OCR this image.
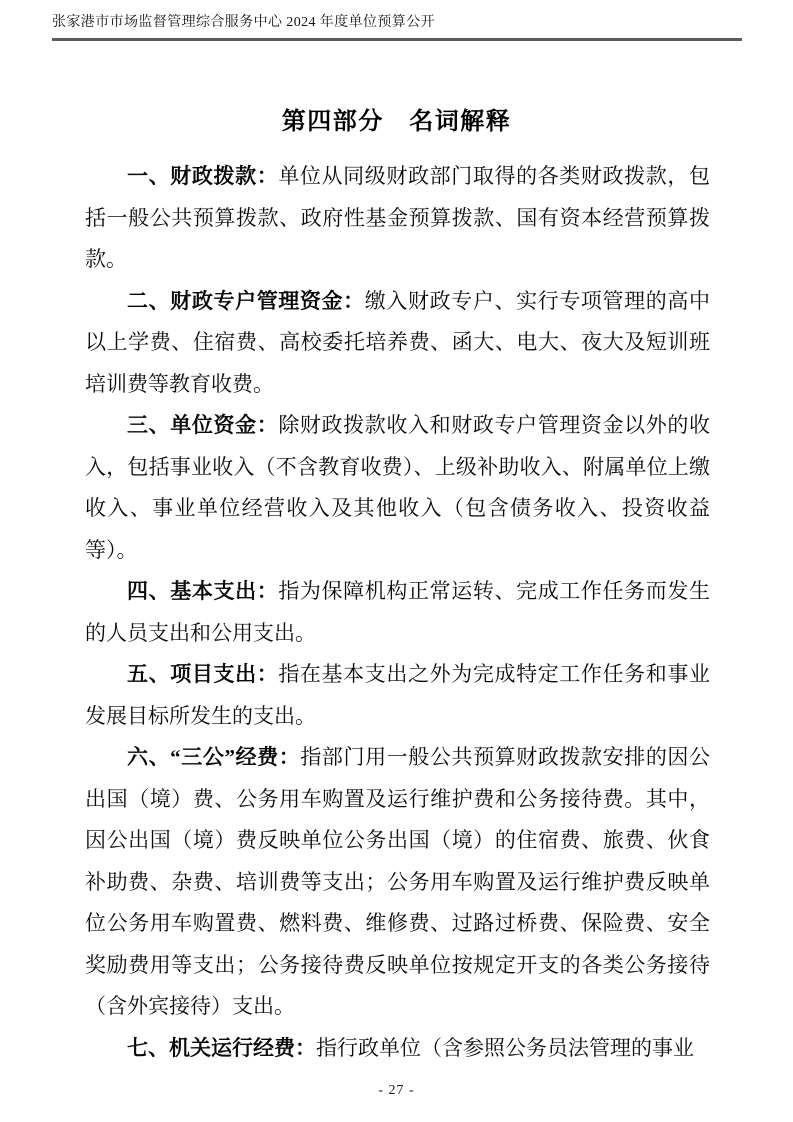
张家港市市场监督管理综合服务中心 2024 年度单位预算公开
第四部分　名词解释

一、财政拨款：单位从同级财政部门取得的各类财政拨款，包括一般公共预算拨款、政府性基金预算拨款、国有资本经营预算拨款。

二、财政专户管理资金：缴入财政专户、实行专项管理的高中以上学费、住宿费、高校委托培养费、函大、电大、夜大及短训班培训费等教育收费。

三、单位资金：除财政拨款收入和财政专户管理资金以外的收入，包括事业收入（不含教育收费）、上级补助收入、附属单位上缴收入、事业单位经营收入及其他收入（包含债务收入、投资收益等）。

四、基本支出：指为保障机构正常运转、完成工作任务而发生的人员支出和公用支出。

五、项目支出：指在基本支出之外为完成特定工作任务和事业发展目标所发生的支出。

六、“三公”经费：指部门用一般公共预算财政拨款安排的因公出国（境）费、公务用车购置及运行维护费和公务接待费。其中，因公出国（境）费反映单位公务出国（境）的住宿费、旅费、伙食补助费、杂费、培训费等支出；公务用车购置及运行维护费反映单位公务用车购置费、燃料费、维修费、过路过桥费、保险费、安全奖励费用等支出；公务接待费反映单位按规定开支的各类公务接待（含外宾接待）支出。

七、机关运行经费：指行政单位（含参照公务员法管理的事业

- 27 -
